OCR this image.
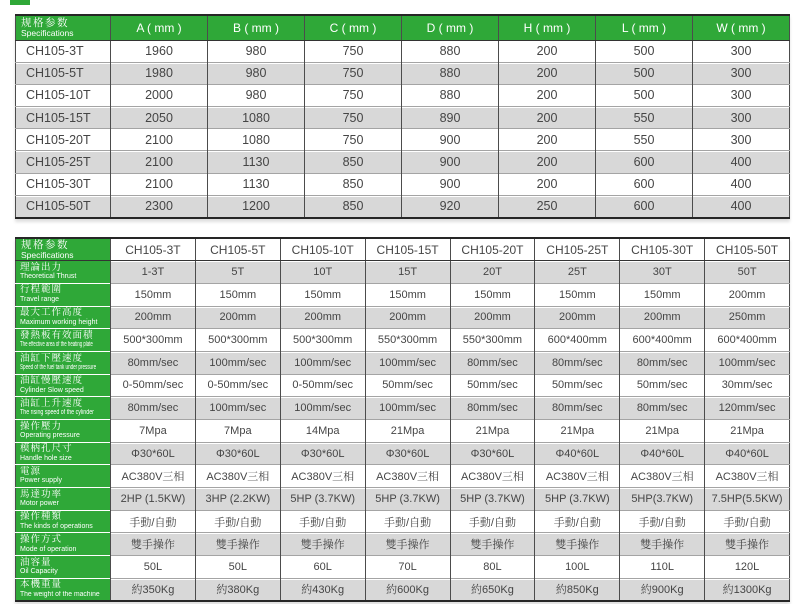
规格参数
Specifications	A ( mm )	B ( mm )	C ( mm )	D ( mm )	H ( mm )	L ( mm )	W ( mm )
CH105-3T	1960	980	750	880	200	500	300
CH105-5T	1980	980	750	880	200	500	300
CH105-10T	2000	980	750	880	200	500	300
CH105-15T	2050	1080	750	890	200	550	300
CH105-20T	2100	1080	750	900	200	550	300
CH105-25T	2100	1130	850	900	200	600	400
CH105-30T	2100	1130	850	900	200	600	400
CH105-50T	2300	1200	850	920	250	600	400
规格参数
Specifications	CH105-3T	CH105-5T	CH105-10T	CH105-15T	CH105-20T	CH105-25T	CH105-30T	CH105-50T

理論出力
Theoretical Thrust	1-3T	5T	10T	15T	20T	25T	30T	50T

行程範圍
Travel range	150mm	150mm	150mm	150mm	150mm	150mm	150mm	200mm

最大工作高度
Maximum working height	200mm	200mm	200mm	200mm	200mm	200mm	200mm	250mm

發熱板有效面積
The effective area of the heating plate	500*300mm	500*300mm	500*300mm	550*300mm	550*300mm	600*400mm	600*400mm	600*400mm

油缸下壓速度
Speed of the fuel tank under pressure	80mm/sec	100mm/sec	100mm/sec	100mm/sec	80mm/sec	80mm/sec	80mm/sec	100mm/sec

油缸慢壓速度
Cylinder Slow speed	0-50mm/sec	0-50mm/sec	0-50mm/sec	50mm/sec	50mm/sec	50mm/sec	50mm/sec	30mm/sec

油缸上升速度
The rising speed of the cylinder	80mm/sec	100mm/sec	100mm/sec	100mm/sec	80mm/sec	80mm/sec	80mm/sec	120mm/sec

操作壓力
Operating pressure	7Mpa	7Mpa	14Mpa	21Mpa	21Mpa	21Mpa	21Mpa	21Mpa

模柄孔尺寸
Handle hole size	Φ30*60L	Φ30*60L	Φ30*60L	Φ30*60L	Φ30*60L	Φ40*60L	Φ40*60L	Φ40*60L

電源
Power supply	AC380V三相	AC380V三相	AC380V三相	AC380V三相	AC380V三相	AC380V三相	AC380V三相	AC380V三相

馬達功率
Motor power	2HP (1.5KW)	3HP (2.2KW)	5HP (3.7KW)	5HP (3.7KW)	5HP (3.7KW)	5HP (3.7KW)	5HP(3.7KW)	7.5HP(5.5KW)

操作種類
The kinds of operations	手動/自動	手動/自動	手動/自動	手動/自動	手動/自動	手動/自動	手動/自動	手動/自動

操作方式
Mode of operation	雙手操作	雙手操作	雙手操作	雙手操作	雙手操作	雙手操作	雙手操作	雙手操作

油容量
Oil Capacity	50L	50L	60L	70L	80L	100L	110L	120L

本機重量
The weight of the machine	約350Kg	約380Kg	約430Kg	約600Kg	約650Kg	約850Kg	約900Kg	約1300Kg
